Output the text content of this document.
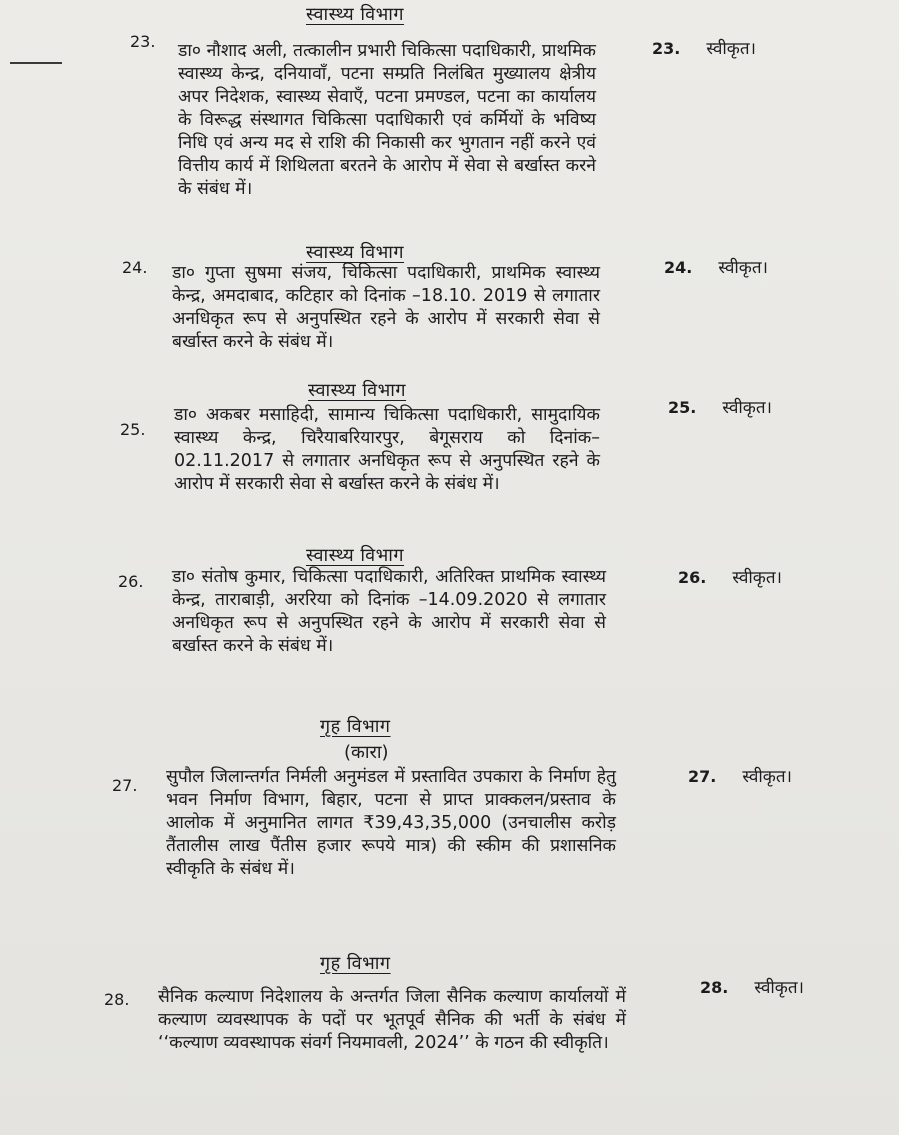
स्वास्थ्य विभाग
23. डा० नौशाद अली, तत्कालीन प्रभारी चिकित्सा पदाधिकारी, प्राथमिक स्वास्थ्य केन्द्र, दनियावाँ, पटना सम्प्रति निलंबित मुख्यालय क्षेत्रीय अपर निदेशक, स्वास्थ्य सेवाएँ, पटना प्रमण्डल, पटना का कार्यालय के विरूद्ध संस्थागत चिकित्सा पदाधिकारी एवं कर्मियों के भविष्य निधि एवं अन्य मद से राशि की निकासी कर भुगतान नहीं करने एवं वित्तीय कार्य में शिथिलता बरतने के आरोप में सेवा से बर्खास्त करने के संबंध में।
23. स्वीकृत।
स्वास्थ्य विभाग
24. डा० गुप्ता सुषमा संजय, चिकित्सा पदाधिकारी, प्राथमिक स्वास्थ्य केन्द्र, अमदाबाद, कटिहार को दिनांक –18.10. 2019 से लगातार अनधिकृत रूप से अनुपस्थित रहने के आरोप में सरकारी सेवा से बर्खास्त करने के संबंध में।
24. स्वीकृत।
स्वास्थ्य विभाग
25.
डा० अकबर मसाहिदी, सामान्य चिकित्सा पदाधिकारी, सामुदायिक स्वास्थ्य केन्द्र, चिरैयाबरियारपुर, बेगूसराय को दिनांक–02.11.2017 से लगातार अनधिकृत रूप से अनुपस्थित रहने के आरोप में सरकारी सेवा से बर्खास्त करने के संबंध में।
25. स्वीकृत।
स्वास्थ्य विभाग
26. डा० संतोष कुमार, चिकित्सा पदाधिकारी, अतिरिक्त प्राथमिक स्वास्थ्य केन्द्र, ताराबाड़ी, अररिया को दिनांक –14.09.2020 से लगातार अनधिकृत रूप से अनुपस्थित रहने के आरोप में सरकारी सेवा से बर्खास्त करने के संबंध में।
26. स्वीकृत।
गृह विभाग
(कारा)
27. सुपौल जिलान्तर्गत निर्मली अनुमंडल में प्रस्तावित उपकारा के निर्माण हेतु भवन निर्माण विभाग, बिहार, पटना से प्राप्त प्राक्कलन/प्रस्ताव के आलोक में अनुमानित लागत ₹39,43,35,000 (उनचालीस करोड़ तैंतालीस लाख पैंतीस हजार रूपये मात्र) की स्कीम की प्रशासनिक स्वीकृति के संबंध में।
27. स्वीकृत।
गृह विभाग
28. सैनिक कल्याण निदेशालय के अन्तर्गत जिला सैनिक कल्याण कार्यालयों में कल्याण व्यवस्थापक के पदों पर भूतपूर्व सैनिक की भर्ती के संबंध में ‘‘कल्याण व्यवस्थापक संवर्ग नियमावली, 2024’’ के गठन की स्वीकृति।
28. स्वीकृत।
